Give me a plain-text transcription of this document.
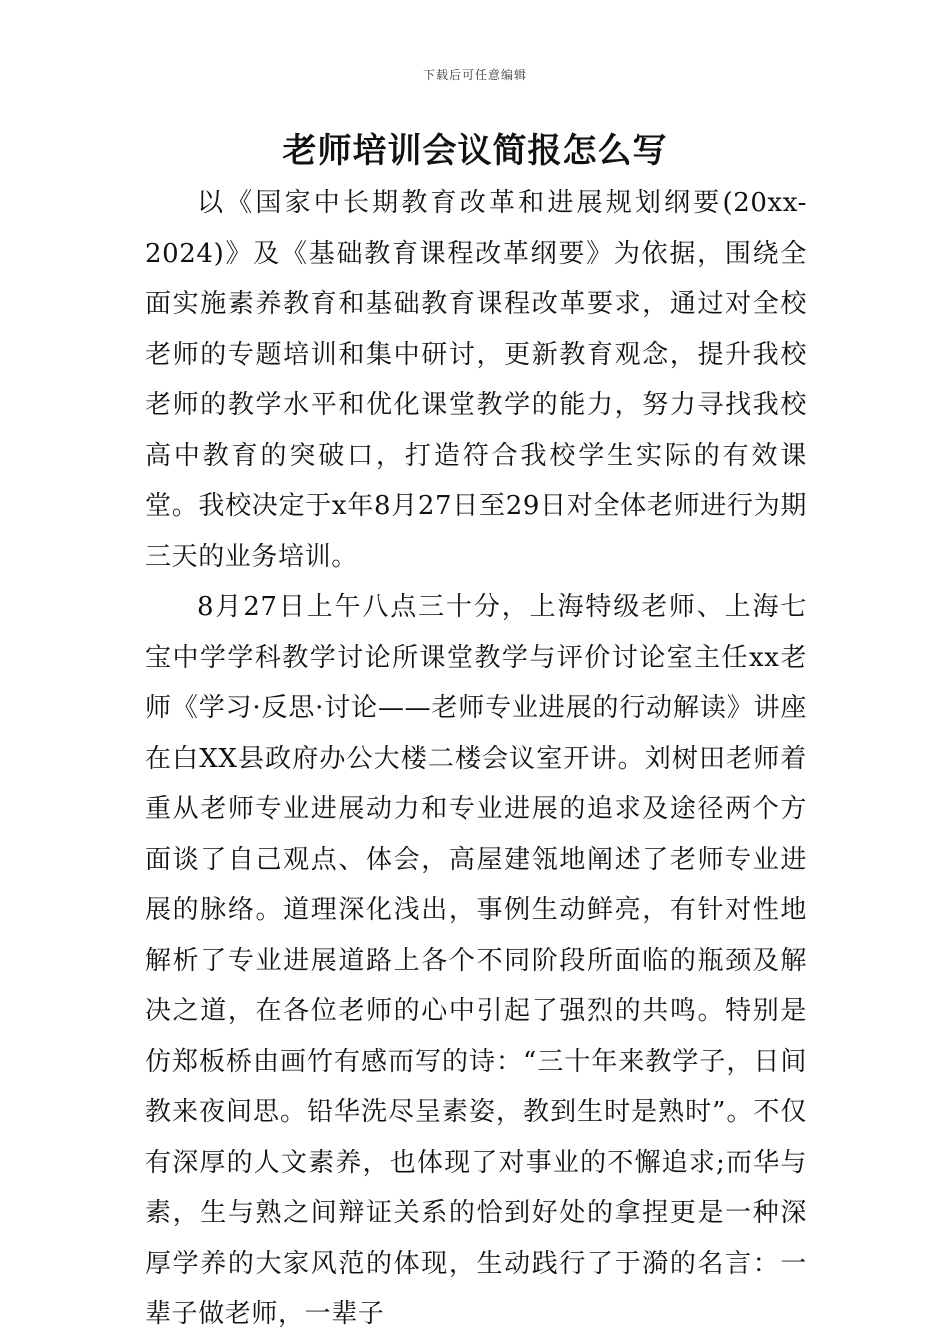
下载后可任意编辑
老师培训会议简报怎么写

以《国家中长期教育改革和进展规划纲要(20xx-2024)》及《基础教育课程改革纲要》为依据，围绕全面实施素养教育和基础教育课程改革要求，通过对全校老师的专题培训和集中研讨，更新教育观念，提升我校老师的教学水平和优化课堂教学的能力，努力寻找我校高中教育的突破口，打造符合我校学生实际的有效课堂。我校决定于x年8月27日至29日对全体老师进行为期三天的业务培训。

8月27日上午八点三十分，上海特级老师、上海七宝中学学科教学讨论所课堂教学与评价讨论室主任xx老师《学习·反思·讨论——老师专业进展的行动解读》讲座在白XX县政府办公大楼二楼会议室开讲。刘树田老师着重从老师专业进展动力和专业进展的追求及途径两个方面谈了自己观点、体会，高屋建瓴地阐述了老师专业进展的脉络。道理深化浅出，事例生动鲜亮，有针对性地解析了专业进展道路上各个不同阶段所面临的瓶颈及解决之道，在各位老师的心中引起了强烈的共鸣。特别是仿郑板桥由画竹有感而写的诗：“三十年来教学子，日间教来夜间思。铅华洗尽呈素姿，教到生时是熟时”。不仅有深厚的人文素养，也体现了对事业的不懈追求;而华与素，生与熟之间辩证关系的恰到好处的拿捏更是一种深厚学养的大家风范的体现，生动践行了于漪的名言：一辈子做老师，一辈子
